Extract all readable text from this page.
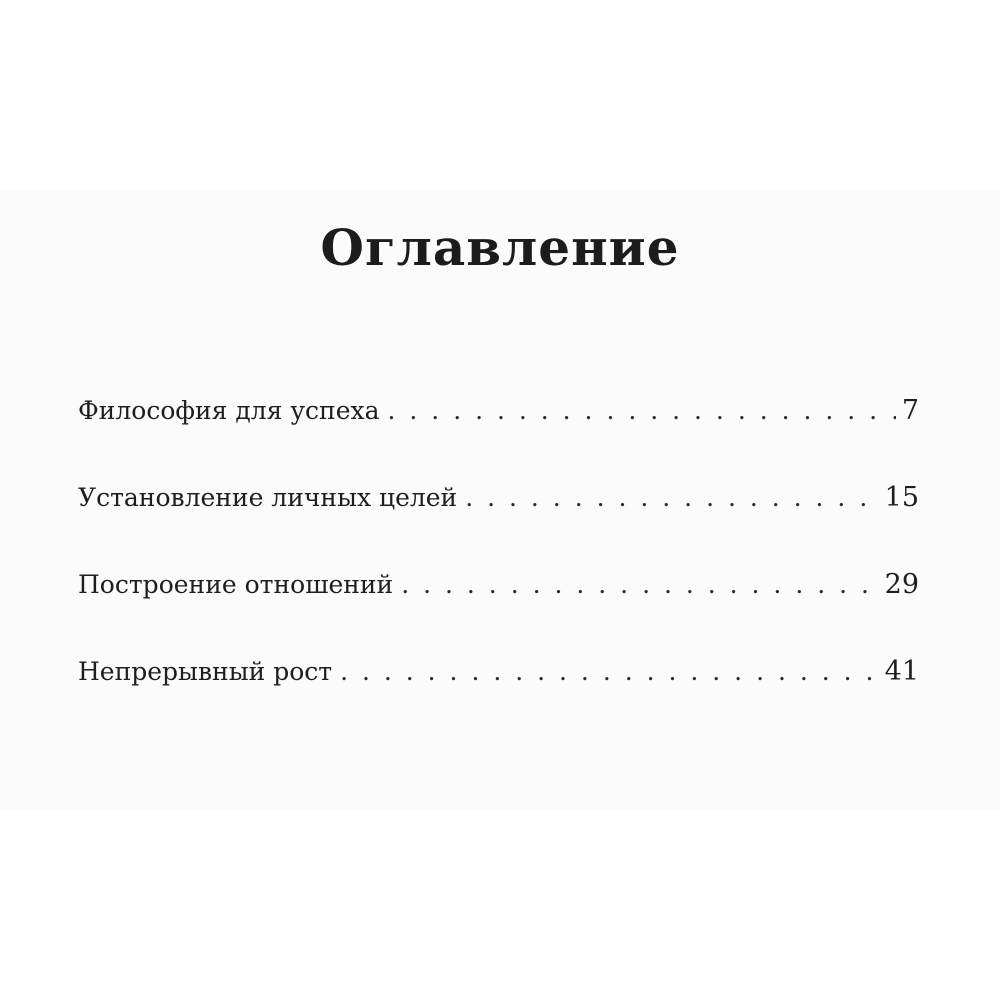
Оглавление
Философия для успеха . . .	7
Установление личных целей . . .	15
Построение отношений . . .	29
Непрерывный рост . . .	41
